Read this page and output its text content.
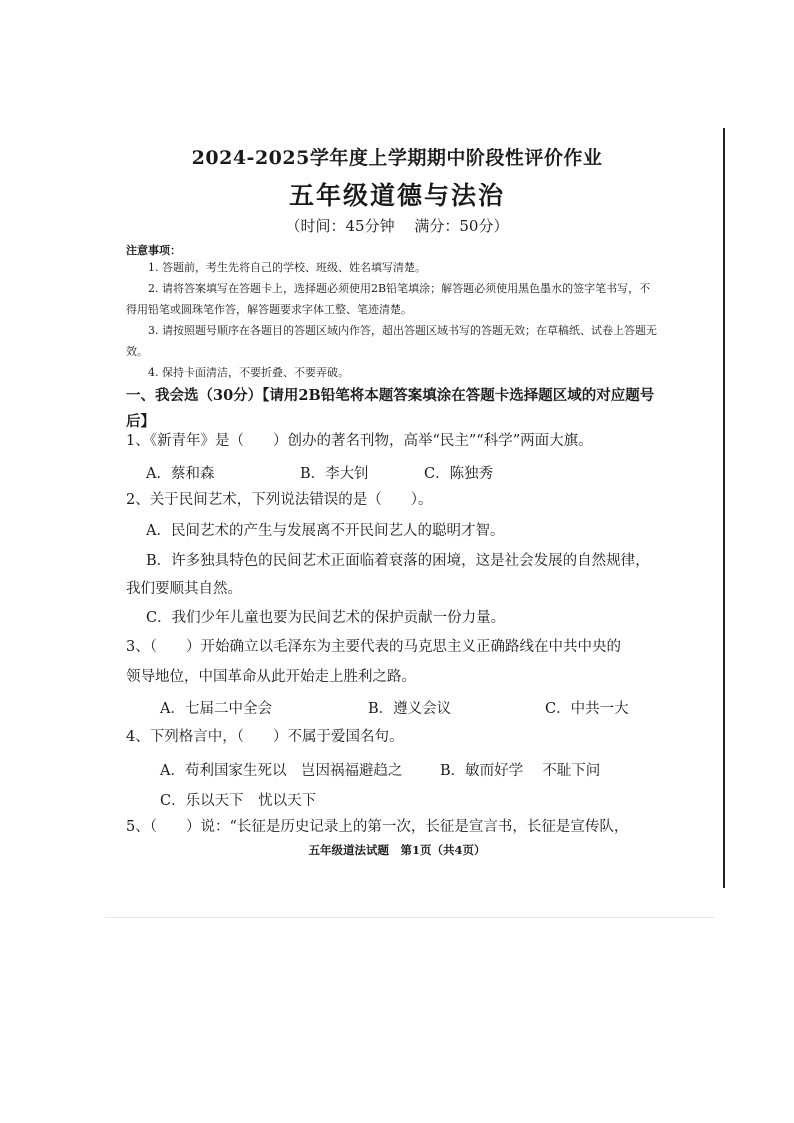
2024-2025学年度上学期期中阶段性评价作业
五年级道德与法治
（时间：45分钟　 满分：50分）
注意事项：
1. 答题前，考生先将自己的学校、班级、姓名填写清楚。
2. 请将答案填写在答题卡上，选择题必须使用2B铅笔填涂；解答题必须使用黑色墨水的签字笔书写，不得用铅笔或圆珠笔作答，解答题要求字体工整、笔迹清楚。
3. 请按照题号顺序在各题目的答题区域内作答，超出答题区域书写的答题无效；在草稿纸、试卷上答题无效。
4. 保持卡面清洁，不要折叠、不要弄破。
一、我会选（30分）【请用2B铅笔将本题答案填涂在答题卡选择题区域的对应题号后】
1、《新青年》是（　　）创办的著名刊物，高举“民主”“科学”两面大旗。
A．蔡和森	B．李大钊	C．陈独秀
2、关于民间艺术，下列说法错误的是（　　）。
A．民间艺术的产生与发展离不开民间艺人的聪明才智。
B．许多独具特色的民间艺术正面临着衰落的困境，这是社会发展的自然规律，
我们要顺其自然。
C．我们少年儿童也要为民间艺术的保护贡献一份力量。
3、（　　）开始确立以毛泽东为主要代表的马克思主义正确路线在中共中央的
领导地位，中国革命从此开始走上胜利之路。
A．七届二中全会	B．遵义会议	C．中共一大
4、下列格言中，（　　）不属于爱国名句。
A．苟利国家生死以　岂因祸福避趋之	B．敏而好学　 不耻下问
C．乐以天下　忧以天下
5、（　　）说：“长征是历史记录上的第一次，长征是宣言书，长征是宣传队，
五年级道法试题　第1页（共4页）
